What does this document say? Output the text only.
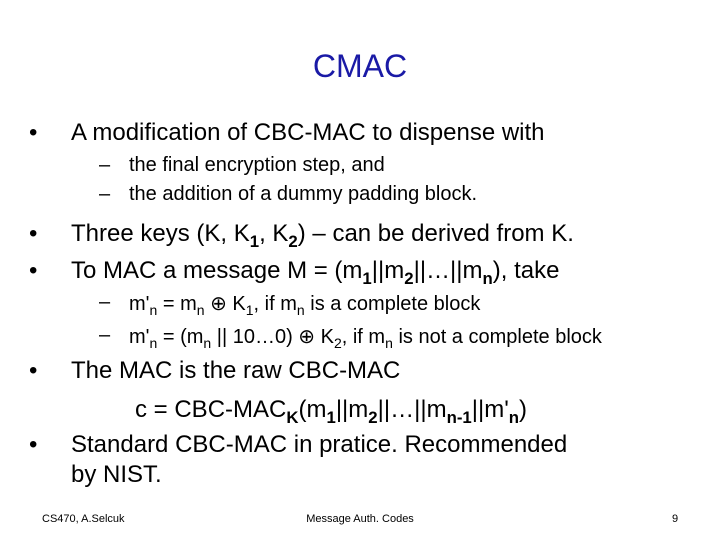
CMAC
• A modification of CBC-MAC to dispense with
– the final encryption step, and
– the addition of a dummy padding block.
• Three keys (K, $K_1$, $K_2$) – can be derived from K.
• To MAC a message $M = (m_1||m_2||\dots||m_n)$, take
– $m'_n = m_n$ ⊕ $K_1$, if $m_n$ is a complete block
– $m'_n = (m_n$ || 10…0) ⊕ $K_2$, if $m_n$ is not a complete block
• The MAC is the raw CBC-MAC
c = CBC-$MAC_K(m_1||m_2||\dots||m_{n-1}||m'_n)$
• Standard CBC-MAC in pratice. Recommended
by NIST.
CS470, A.Selcuk	Message Auth. Codes	9
